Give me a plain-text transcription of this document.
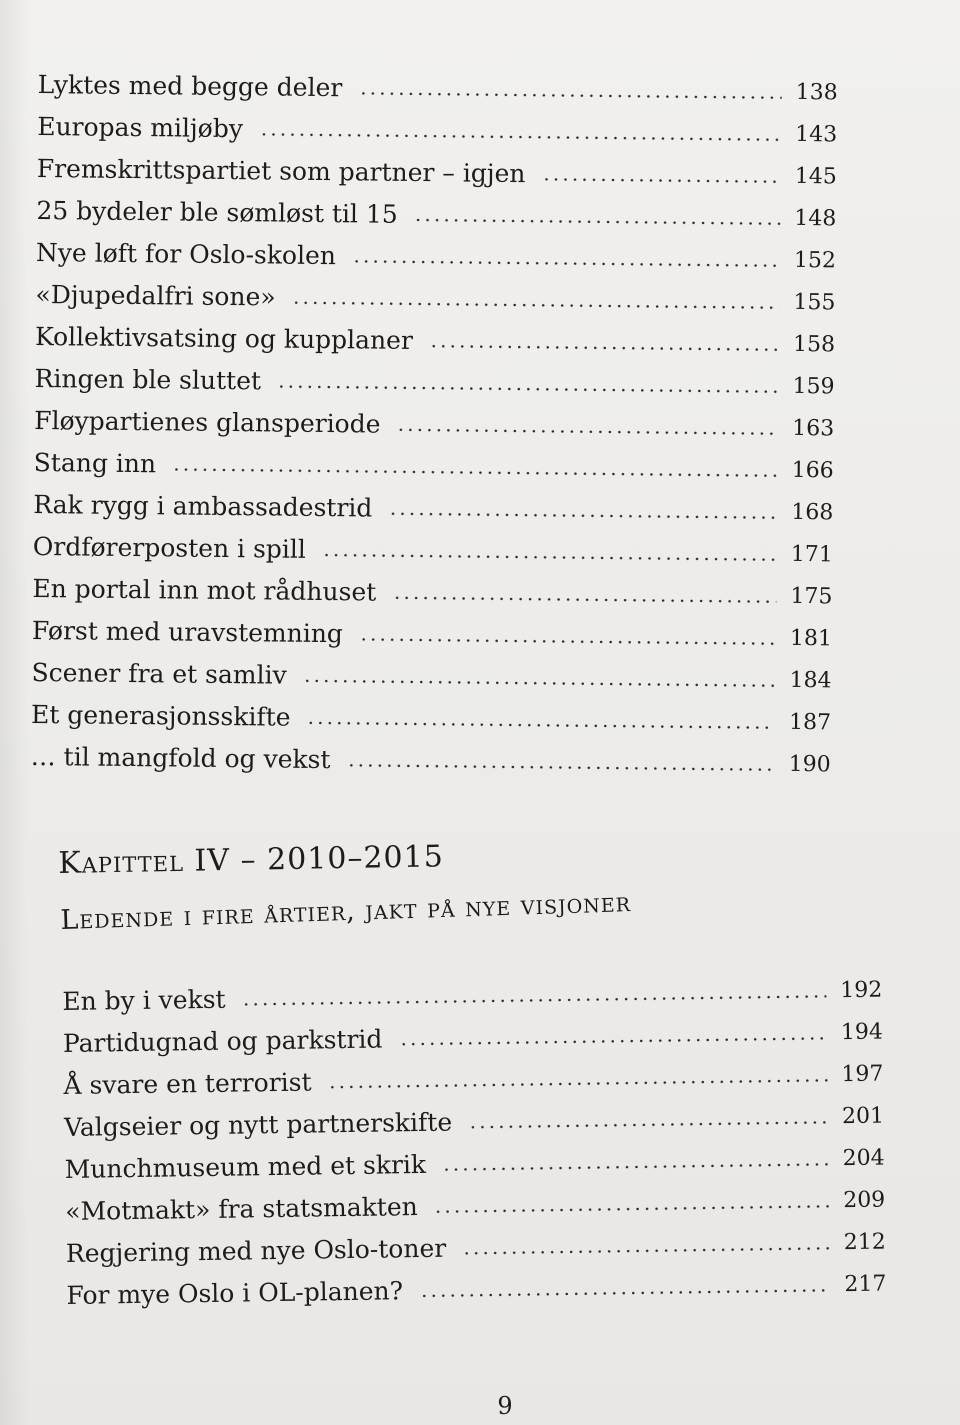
Lyktes med begge deler	138
Europas miljøby	143
Fremskrittspartiet som partner – igjen	145
25 bydeler ble sømløst til 15	148
Nye løft for Oslo-skolen	152
«Djupedalfri sone»	155
Kollektivsatsing og kupplaner	158
Ringen ble sluttet	159
Fløypartienes glansperiode	163
Stang inn	166
Rak rygg i ambassadestrid	168
Ordførerposten i spill	171
En portal inn mot rådhuset	175
Først med uravstemning	181
Scener fra et samliv	184
Et generasjonsskifte	187
… til mangfold og vekst	190
Kapittel IV – 2010–2015
Ledende i fire årtier, jakt på nye visjoner
En by i vekst	192
Partidugnad og parkstrid	194
Å svare en terrorist	197
Valgseier og nytt partnerskifte	201
Munchmuseum med et skrik	204
«Motmakt» fra statsmakten	209
Regjering med nye Oslo-toner	212
For mye Oslo i OL-planen?	217
9
